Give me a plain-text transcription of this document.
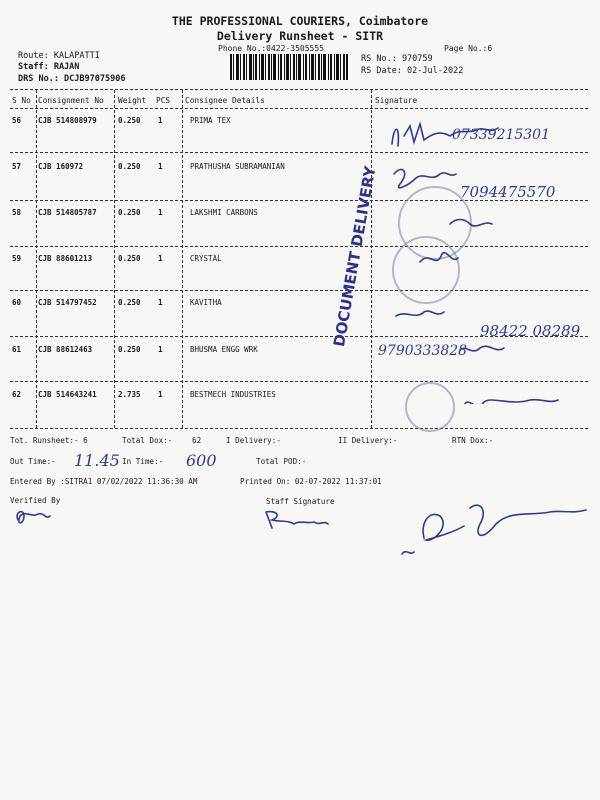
THE PROFESSIONAL COURIERS, Coimbatore
Delivery Runsheet - SITR
Phone No.:0422-3505555	Page No.:6
Route: KALAPATTI
Staff: RAJAN
DRS No.: DCJB97075906
RS No.: 970759
RS Date: 02-Jul-2022
S No Consignment No Weight PCS Consignee Details	Signature
56 CJB 514808979	0.250 1	PRIMA TEX
57 CJB 160972	0.250 1	PRATHUSHA SUBRAMANIAN
58 CJB 514805787	0.250 1	LAKSHMI CARBONS
59 CJB 88601213	0.250 1	CRYSTAL
60 CJB 514797452	0.250 1	KAVITHA
61 CJB 88612463	0.250 1	BHUSMA ENGG WRK
62 CJB 514643241	2.735 1	BESTMECH INDUSTRIES
DOCUMENT DELIVERY
07339215301
7094475570
98422 08289
9790333828
Tot. Runsheet:- 6	Total Dox:-	62	I Delivery:-	II Delivery:-	RTN Dox:-
Out Time:- 11.45 In Time:- 600	Total POD:-
Entered By :SITRA1 07/02/2022 11:36:30 AM	Printed On: 02-07-2022 11:37:01
Verified By	Staff Signature
